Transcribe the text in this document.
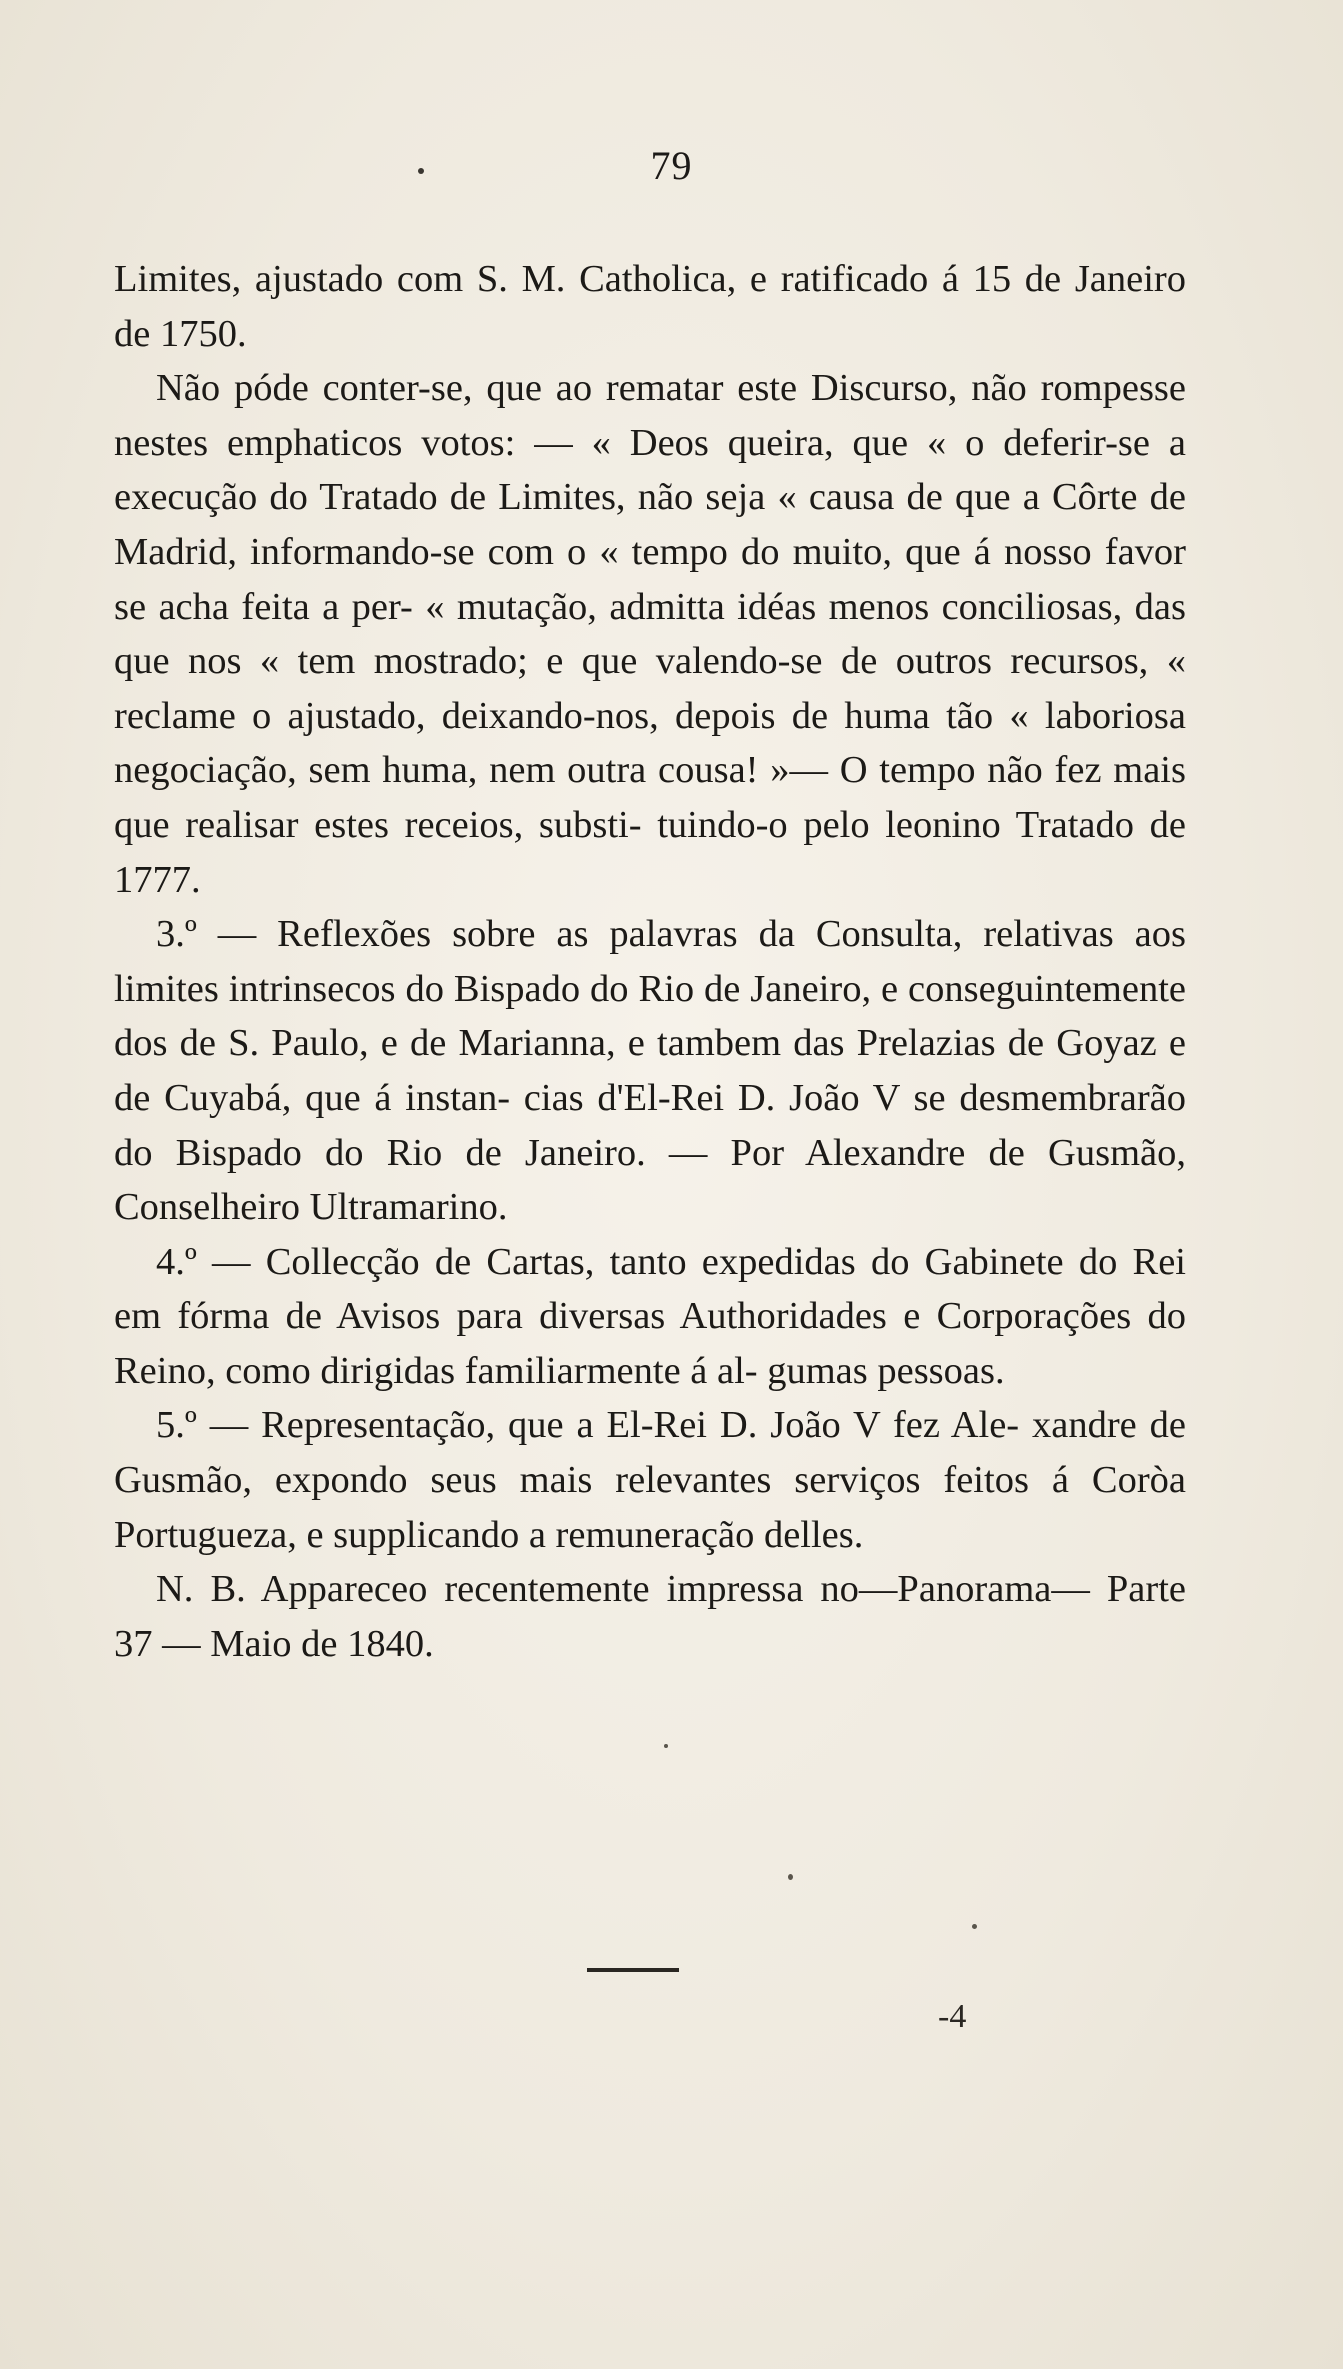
79

Limites, ajustado com S. M. Catholica, e ratificado á 15 de Janeiro de 1750.

Não póde conter-se, que ao rematar este Discurso, não rompesse nestes emphaticos votos: — « Deos queira, que « o deferir-se a execução do Tratado de Limites, não seja « causa de que a Côrte de Madrid, informando-se com o « tempo do muito, que á nosso favor se acha feita a per- « mutação, admitta idéas menos conciliosas, das que nos « tem mostrado; e que valendo-se de outros recursos, « reclame o ajustado, deixando-nos, depois de huma tão « laboriosa negociação, sem huma, nem outra cousa! »— O tempo não fez mais que realisar estes receios, substi- tuindo-o pelo leonino Tratado de 1777.

3.º — Reflexões sobre as palavras da Consulta, relativas aos limites intrinsecos do Bispado do Rio de Janeiro, e conseguintemente dos de S. Paulo, e de Marianna, e tambem das Prelazias de Goyaz e de Cuyabá, que á instan- cias d'El-Rei D. João V se desmembrarão do Bispado do Rio de Janeiro. — Por Alexandre de Gusmão, Conselheiro Ultramarino.

4.º — Collecção de Cartas, tanto expedidas do Gabinete do Rei em fórma de Avisos para diversas Authoridades e Corporações do Reino, como dirigidas familiarmente á al- gumas pessoas.

5.º — Representação, que a El-Rei D. João V fez Ale- xandre de Gusmão, expondo seus mais relevantes serviços feitos á Coròa Portugueza, e supplicando a remuneração delles.

N. B. Appareceo recentemente impressa no—Panorama— Parte 37 — Maio de 1840.

-4
